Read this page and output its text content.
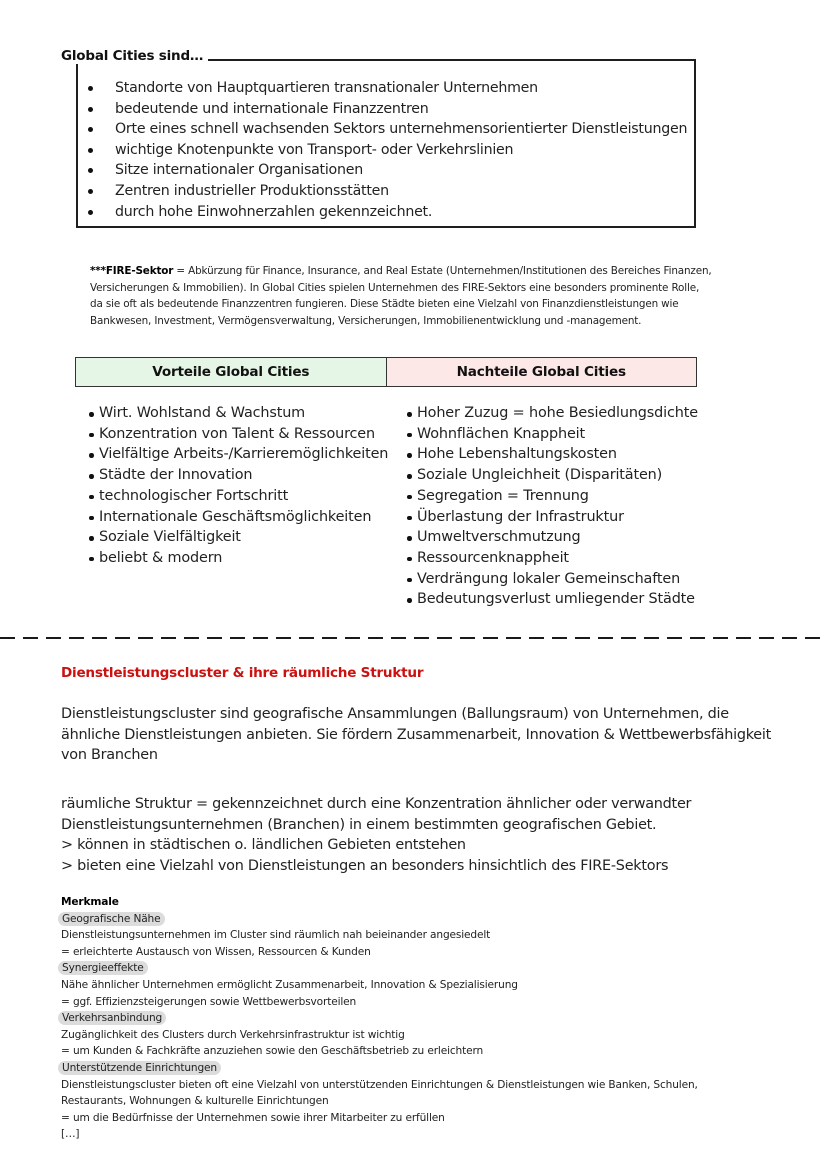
Global Cities sind…
Standorte von Hauptquartieren transnationaler Unternehmen
bedeutende und internationale Finanzzentren
Orte eines schnell wachsenden Sektors unternehmensorientierter Dienstleistungen
wichtige Knotenpunkte von Transport- oder Verkehrslinien
Sitze internationaler Organisationen
Zentren industrieller Produktionsstätten
durch hohe Einwohnerzahlen gekennzeichnet.
***FIRE-Sektor = Abkürzung für Finance, Insurance, and Real Estate (Unternehmen/Institutionen des Bereiches Finanzen,
Versicherungen & Immobilien). In Global Cities spielen Unternehmen des FIRE-Sektors eine besonders prominente Rolle,
da sie oft als bedeutende Finanzzentren fungieren. Diese Städte bieten eine Vielzahl von Finanzdienstleistungen wie
Bankwesen, Investment, Vermögensverwaltung, Versicherungen, Immobilienentwicklung und -management.
Vorteile Global Cities	Nachteile Global Cities
Wirt. Wohlstand & Wachstum
Konzentration von Talent & Ressourcen
Vielfältige Arbeits-/Karrieremöglichkeiten
Städte der Innovation
technologischer Fortschritt
Internationale Geschäftsmöglichkeiten
Soziale Vielfältigkeit
beliebt & modern
Hoher Zuzug = hohe Besiedlungsdichte
Wohnflächen Knappheit
Hohe Lebenshaltungskosten
Soziale Ungleichheit (Disparitäten)
Segregation = Trennung
Überlastung der Infrastruktur
Umweltverschmutzung
Ressourcenknappheit
Verdrängung lokaler Gemeinschaften
Bedeutungsverlust umliegender Städte
Dienstleistungscluster & ihre räumliche Struktur
Dienstleistungscluster sind geografische Ansammlungen (Ballungsraum) von Unternehmen, die
ähnliche Dienstleistungen anbieten. Sie fördern Zusammenarbeit, Innovation & Wettbewerbsfähigkeit
von Branchen
räumliche Struktur = gekennzeichnet durch eine Konzentration ähnlicher oder verwandter
Dienstleistungsunternehmen (Branchen) in einem bestimmten geografischen Gebiet.
> können in städtischen o. ländlichen Gebieten entstehen
> bieten eine Vielzahl von Dienstleistungen an besonders hinsichtlich des FIRE-Sektors
Merkmale
Geografische Nähe
Dienstleistungsunternehmen im Cluster sind räumlich nah beieinander angesiedelt
= erleichterte Austausch von Wissen, Ressourcen & Kunden
Synergieeffekte
Nähe ähnlicher Unternehmen ermöglicht Zusammenarbeit, Innovation & Spezialisierung
= ggf. Effizienzsteigerungen sowie Wettbewerbsvorteilen
Verkehrsanbindung
Zugänglichkeit des Clusters durch Verkehrsinfrastruktur ist wichtig
= um Kunden & Fachkräfte anzuziehen sowie den Geschäftsbetrieb zu erleichtern
Unterstützende Einrichtungen
Dienstleistungscluster bieten oft eine Vielzahl von unterstützenden Einrichtungen & Dienstleistungen wie Banken, Schulen,
Restaurants, Wohnungen & kulturelle Einrichtungen
= um die Bedürfnisse der Unternehmen sowie ihrer Mitarbeiter zu erfüllen
[…]
